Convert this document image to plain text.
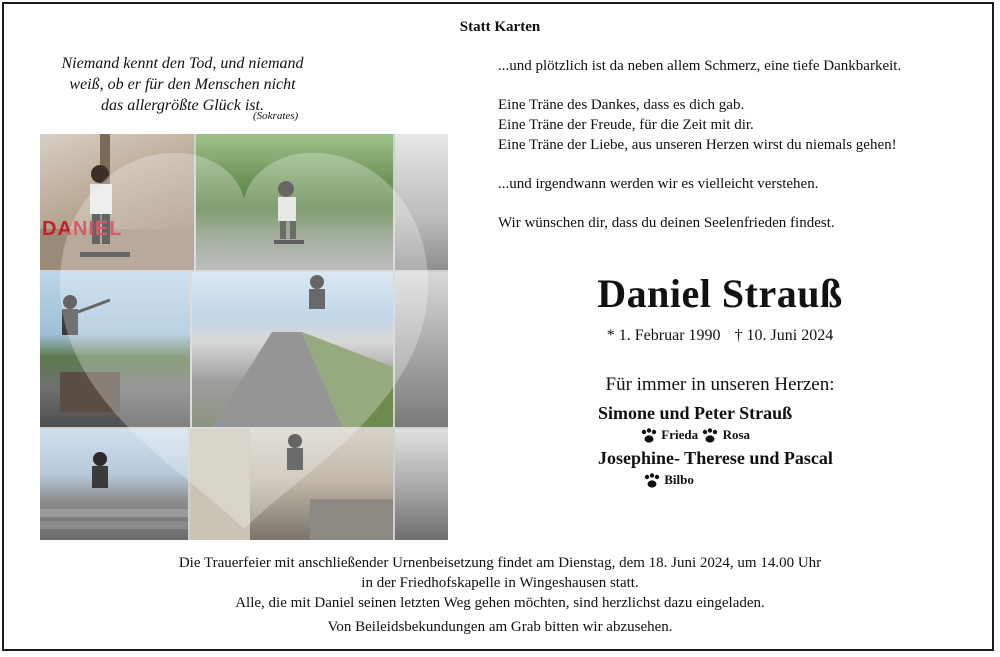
Statt Karten
Niemand kennt den Tod, und niemand
weiß, ob er für den Menschen nicht
das allergrößte Glück ist.
(Sokrates)
DANIEL

...und plötzlich ist da neben allem Schmerz, eine tiefe Dankbarkeit.

Eine Träne des Dankes, dass es dich gab.
Eine Träne der Freude, für die Zeit mit dir.
Eine Träne der Liebe, aus unseren Herzen wirst du niemals gehen!

...und irgendwann werden wir es vielleicht verstehen.

Wir wünschen dir, dass du deinen Seelenfrieden findest.

Daniel Strauß
* 1. Februar 1990 † 10. Juni 2024
Für immer in unseren Herzen:
Simone und Peter Strauß
Frieda Rosa
Josephine- Therese und Pascal
Bilbo
Die Trauerfeier mit anschließender Urnenbeisetzung findet am Dienstag, dem 18. Juni 2024, um 14.00 Uhr
in der Friedhofskapelle in Wingeshausen statt.
Alle, die mit Daniel seinen letzten Weg gehen möchten, sind herzlichst dazu eingeladen.
Von Beileidsbekundungen am Grab bitten wir abzusehen.
